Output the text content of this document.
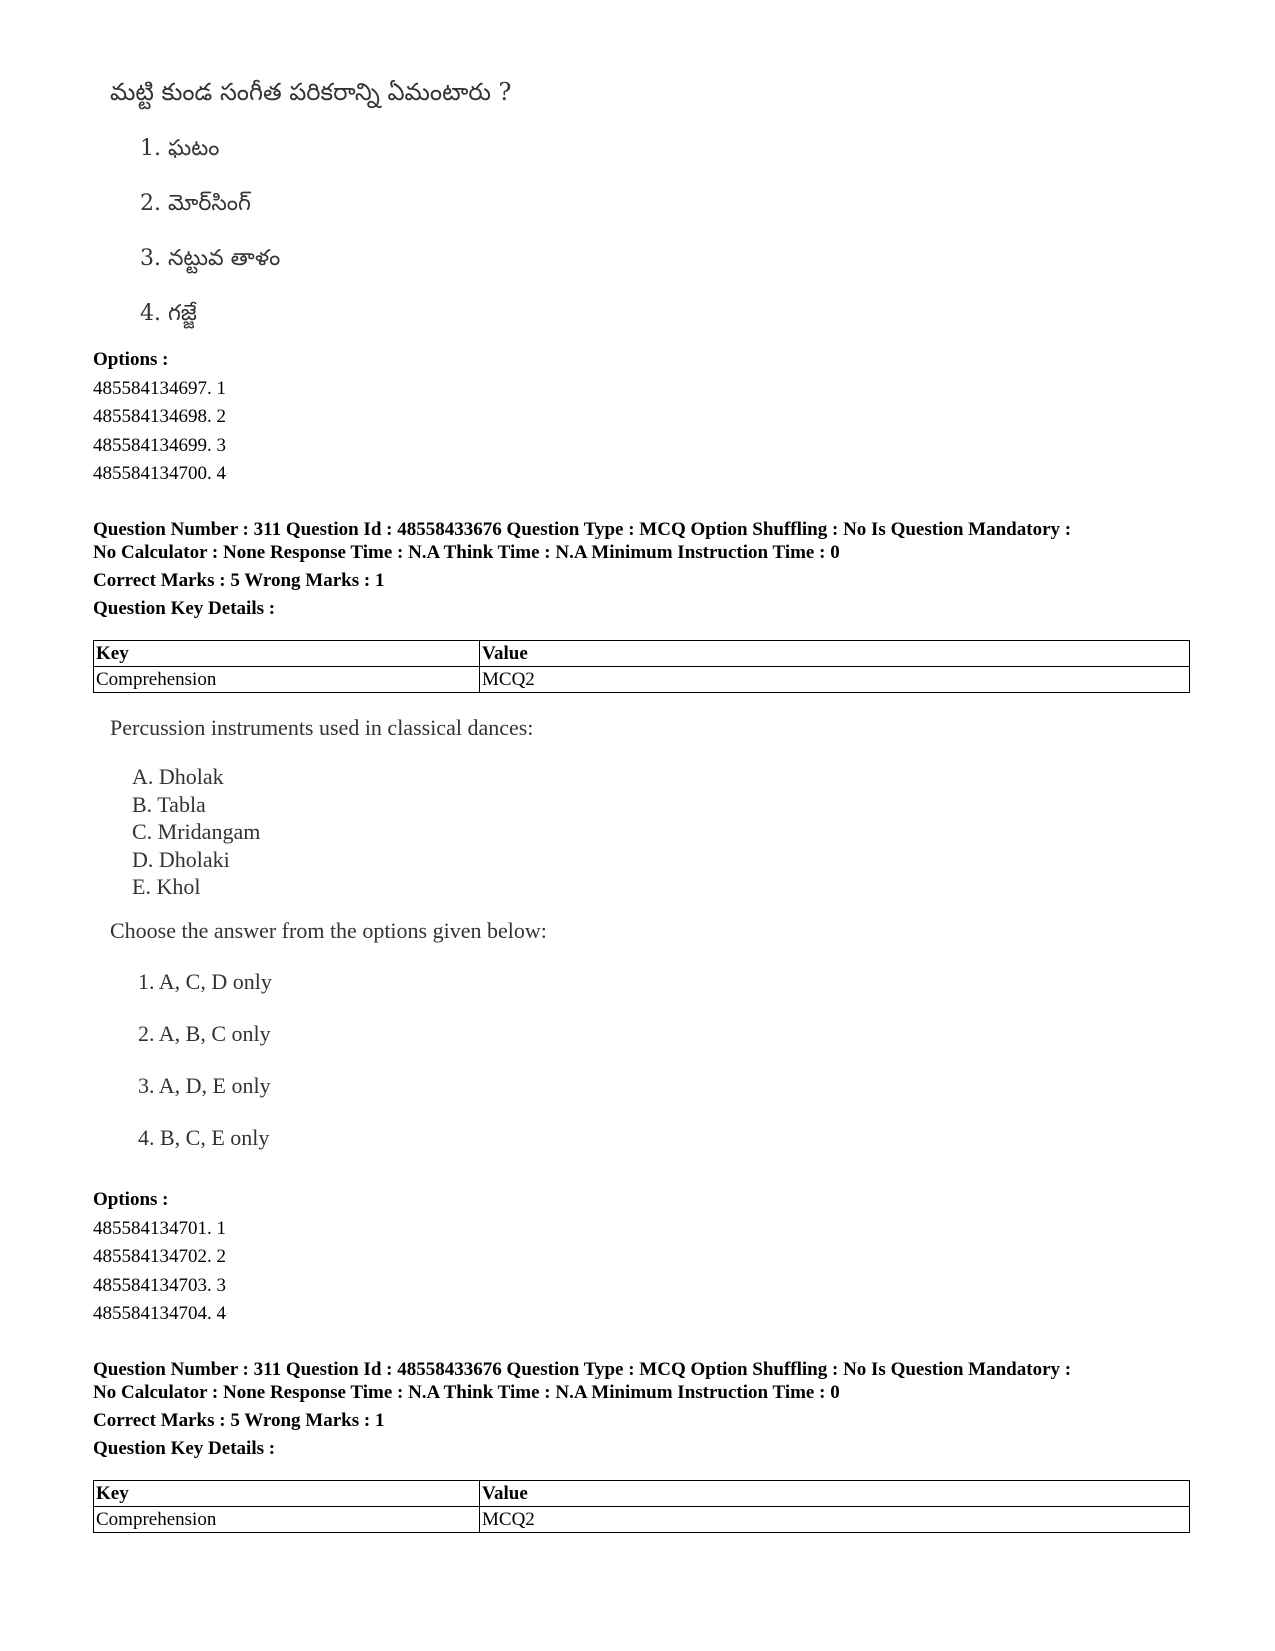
మట్టి కుండ సంగీత పరికరాన్ని ఏమంటారు ?
1. ఘటం
2. మోర్‌సింగ్
3. నట్టువ తాళం
4. గజ్జే
Options :
485584134697. 1
485584134698. 2
485584134699. 3
485584134700. 4
Question Number : 311 Question Id : 48558433676 Question Type : MCQ Option Shuffling : No Is Question Mandatory :
No Calculator : None Response Time : N.A Think Time : N.A Minimum Instruction Time : 0
Correct Marks : 5 Wrong Marks : 1
Question Key Details :
Key	Value
Comprehension	MCQ2
Percussion instruments used in classical dances:
A. Dholak
B. Tabla
C. Mridangam
D. Dholaki
E. Khol
Choose the answer from the options given below:
1. A, C, D only
2. A, B, C only
3. A, D, E only
4. B, C, E only
Options :
485584134701. 1
485584134702. 2
485584134703. 3
485584134704. 4
Question Number : 311 Question Id : 48558433676 Question Type : MCQ Option Shuffling : No Is Question Mandatory :
No Calculator : None Response Time : N.A Think Time : N.A Minimum Instruction Time : 0
Correct Marks : 5 Wrong Marks : 1
Question Key Details :
Key	Value
Comprehension	MCQ2
